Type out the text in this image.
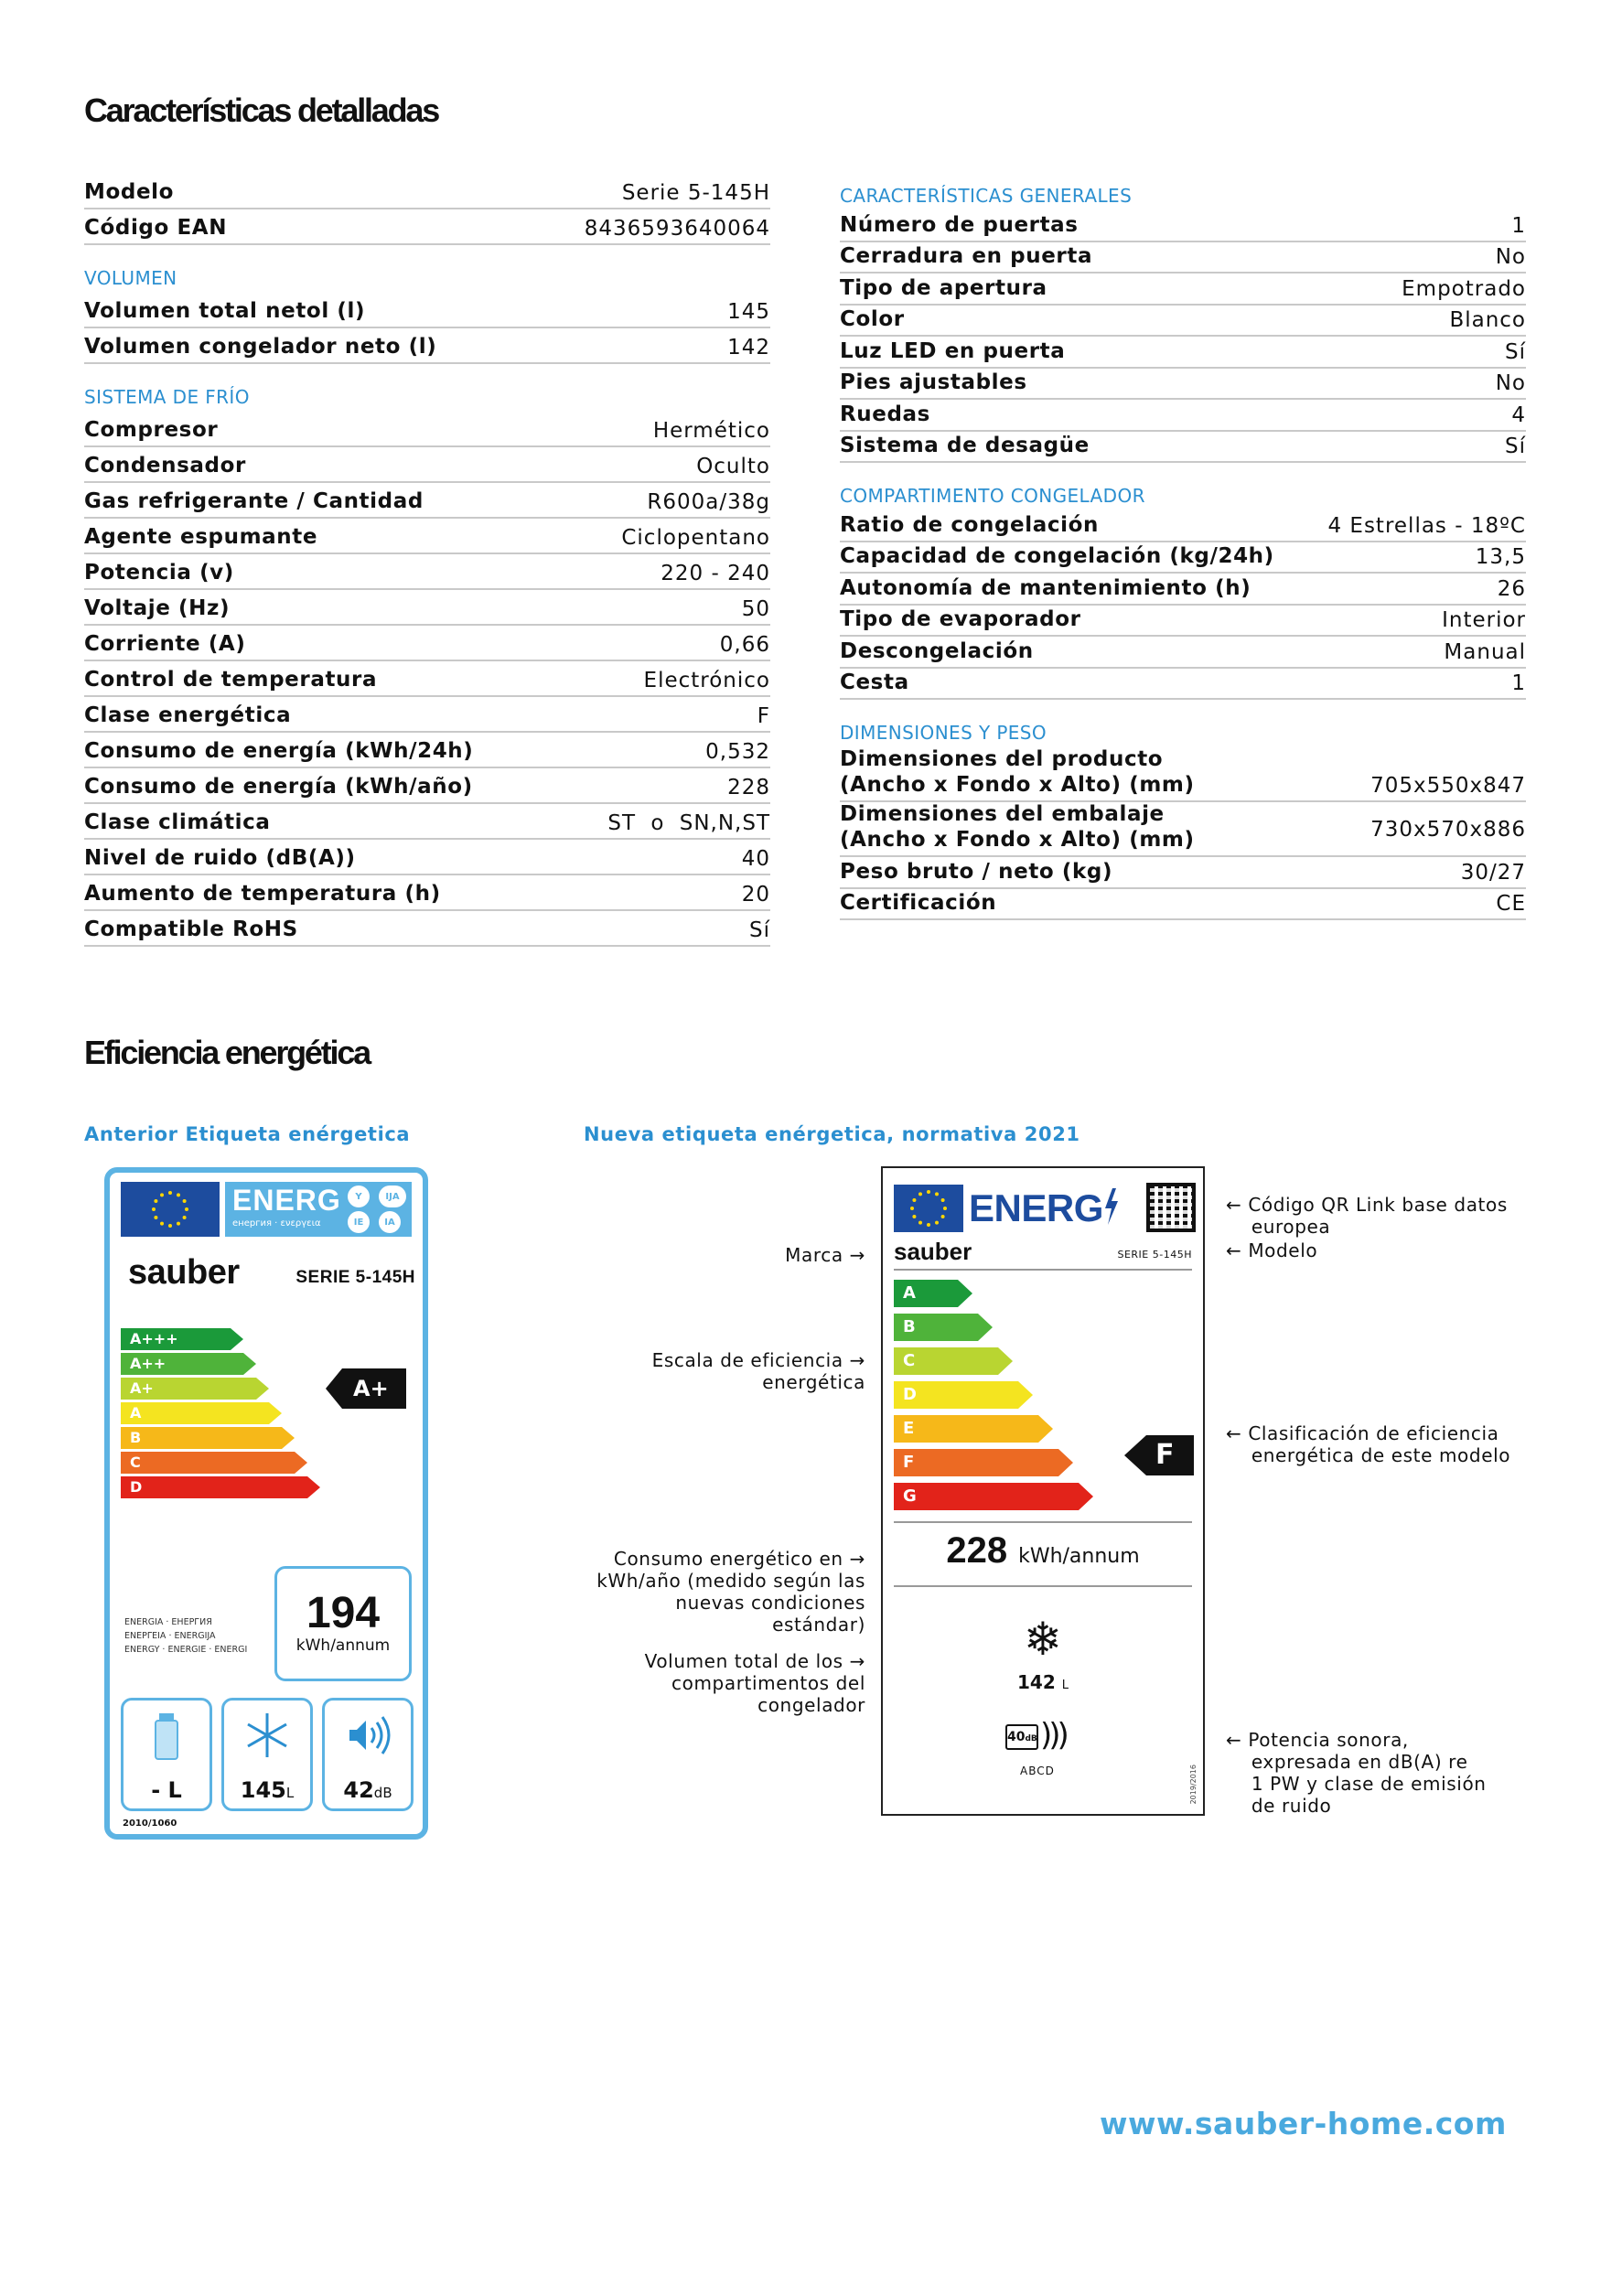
Características detalladas
Eficiencia energética
Modelo	Serie 5-145H
Código EAN	8436593640064
VOLUMEN
Volumen total netol (l)	145
Volumen congelador neto (l)	142
SISTEMA DE FRÍO
Compresor	Hermético
Condensador	Oculto
Gas refrigerante / Cantidad	R600a/38g
Agente espumante	Ciclopentano
Potencia (v)	220 - 240
Voltaje (Hz)	50
Corriente (A)	0,66
Control de temperatura	Electrónico
Clase energética	F
Consumo de energía (kWh/24h)	0,532
Consumo de energía (kWh/año)	228
Clase climática	ST o SN,N,ST
Nivel de ruido (dB(A))	40
Aumento de temperatura (h)	20
Compatible RoHS	Sí
CARACTERÍSTICAS GENERALES
Número de puertas	1
Cerradura en puerta	No
Tipo de apertura	Empotrado
Color	Blanco
Luz LED en puerta	Sí
Pies ajustables	No
Ruedas	4
Sistema de desagüe	Sí
COMPARTIMENTO CONGELADOR
Ratio de congelación	4 Estrellas - 18ºC
Capacidad de congelación (kg/24h)	13,5
Autonomía de mantenimiento (h)	26
Tipo de evaporador	Interior
Descongelación	Manual
Cesta	1
DIMENSIONES Y PESO
Dimensiones del producto
(Ancho x Fondo x Alto) (mm)	705x550x847
Dimensiones del embalaje
(Ancho x Fondo x Alto) (mm)	730x570x886
Peso bruto / neto (kg)	30/27
Certificación	CE
Anterior Etiqueta enérgetica	Nueva etiqueta enérgetica, normativa 2021
ENERG
енергия · ενεργεια
Y	IJA
IE	IA
sauber	SERIE 5-145H
A+++
A++
A+
A
B
C
D
A+
ENERGIA · ЕНЕРГИЯ
ΕΝΕΡΓΕΙΑ · ENERGIJA
ENERGY · ENERGIE · ENERGI
194
kWh/annum
- L	145L	42dB
2010/1060
ENERG
sauber	SERIE 5-145H
A
B
C
D
E
F
G
F
228 kWh/annum
❄
142 L
40dB )))
ABCD	2019/2016
Marca →
Escala de eficiencia →
energética
Consumo energético en →
kWh/año (medido según las
nuevas condiciones
estándar)
Volumen total de los →
compartimentos del
congelador
← Código QR Link base datos
europea
← Modelo
← Clasificación de eficiencia
energética de este modelo
← Potencia sonora,
expresada en dB(A) re
1 PW y clase de emisión
de ruido
www.sauber-home.com
